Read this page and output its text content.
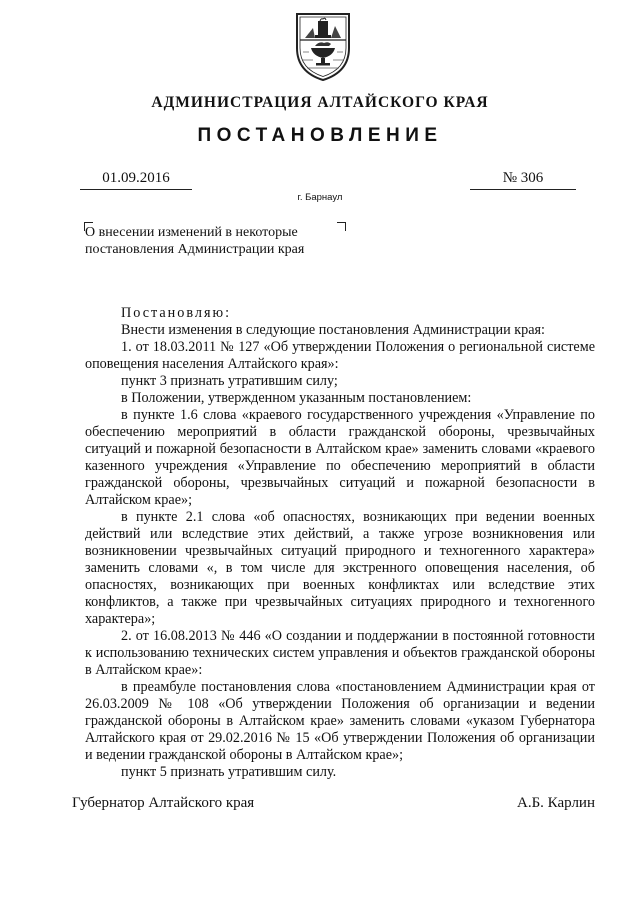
АДМИНИСТРАЦИЯ АЛТАЙСКОГО КРАЯ
ПОСТАНОВЛЕНИЕ
01.09.2016	№ 306
г. Барнаул
О внесении изменений в некоторые постановления Администрации края

Постановляю:

Внести изменения в следующие постановления Администрации края:

1. от 18.03.2011 № 127 «Об утверждении Положения о региональной системе оповещения населения Алтайского края»:

пункт 3 признать утратившим силу;

в Положении, утвержденном указанным постановлением:

в пункте 1.6 слова «краевого государственного учреждения «Управление по обеспечению мероприятий в области гражданской обороны, чрезвычайных ситуаций и пожарной безопасности в Алтайском крае» заменить словами «краевого казенного учреждения «Управление по обеспечению мероприятий в области гражданской обороны, чрезвычайных ситуаций и пожарной безопасности в Алтайском крае»;

в пункте 2.1 слова «об опасностях, возникающих при ведении военных действий или вследствие этих действий, а также угрозе возникновения или возникновении чрезвычайных ситуаций природного и техногенного характера» заменить словами «, в том числе для экстренного оповещения населения, об опасностях, возникающих при военных конфликтах или вследствие этих конфликтов, а также при чрезвычайных ситуациях природного и техногенного характера»;

2. от 16.08.2013 № 446 «О создании и поддержании в постоянной готовности к использованию технических систем управления и объектов гражданской обороны в Алтайском крае»:

в преамбуле постановления слова «постановлением Администрации края от 26.03.2009 № 108 «Об утверждении Положения об организации и ведении гражданской обороны в Алтайском крае» заменить словами «указом Губернатора Алтайского края от 29.02.2016 № 15 «Об утверждении Положения об организации и ведении гражданской обороны в Алтайском крае»;

пункт 5 признать утратившим силу.

Губернатор Алтайского края	А.Б. Карлин
